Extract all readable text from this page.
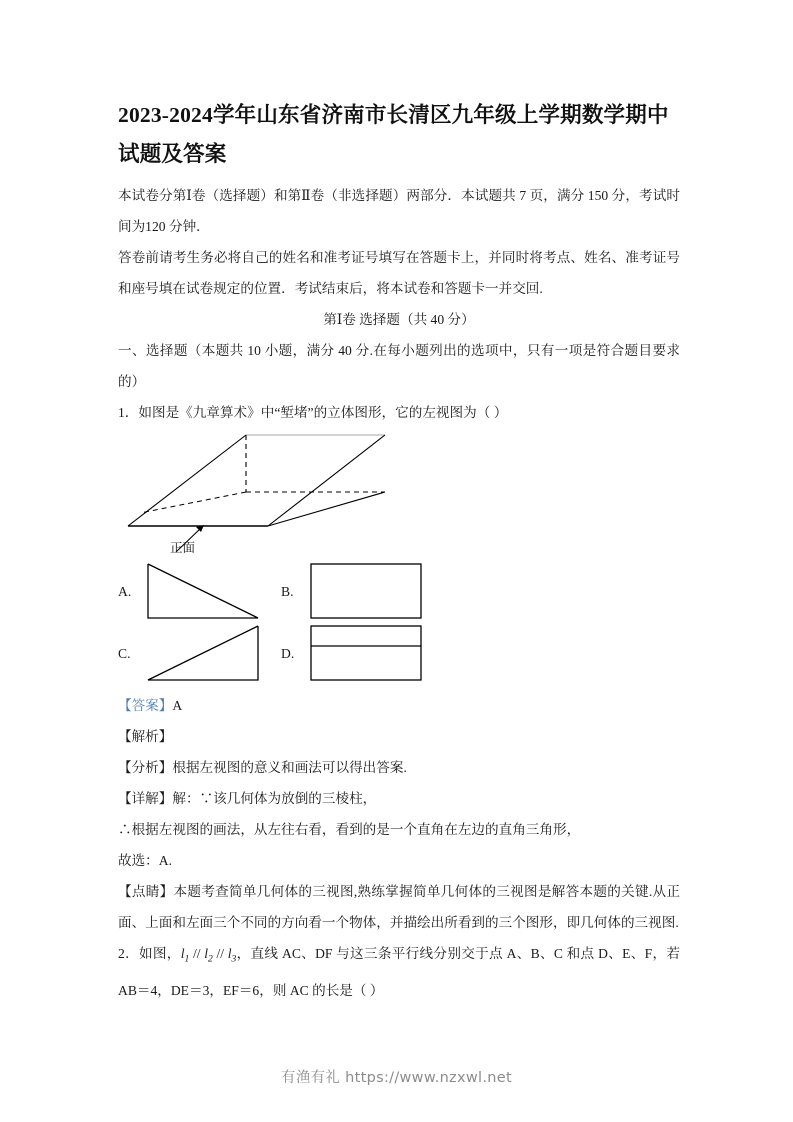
2023-2024学年山东省济南市长清区九年级上学期数学期中试题及答案

本试卷分第Ⅰ卷（选择题）和第Ⅱ卷（非选择题）两部分．本试题共 7 页，满分 150 分，考试时间为120 分钟．

答卷前请考生务必将自己的姓名和准考证号填写在答题卡上，并同时将考点、姓名、准考证号和座号填在试卷规定的位置．考试结束后，将本试卷和答题卡一并交回.

第Ⅰ卷 选择题（共 40 分）

一、选择题（本题共 10 小题，满分 40 分.在每小题列出的选项中，只有一项是符合题目要求的）

1．如图是《九章算术》中“堑堵”的立体图形，它的左视图为（ ）

正面
A.	B.
C.	D.

【答案】A

【解析】

【分析】根据左视图的意义和画法可以得出答案.

【详解】解：∵该几何体为放倒的三棱柱，

∴根据左视图的画法，从左往右看，看到的是一个直角在左边的直角三角形，

故选：A.

【点睛】本题考查简单几何体的三视图,熟练掌握简单几何体的三视图是解答本题的关键.从正面、上面和左面三个不同的方向看一个物体，并描绘出所看到的三个图形，即几何体的三视图.

2．如图，$l_1 // l_2 // l_3$，直线 AC、DF 与这三条平行线分别交于点 A、B、C 和点 D、E、F，若AB＝4，DE＝3，EF＝6，则 AC 的长是（ ）

有渔有礼 https://www.nzxwl.net
